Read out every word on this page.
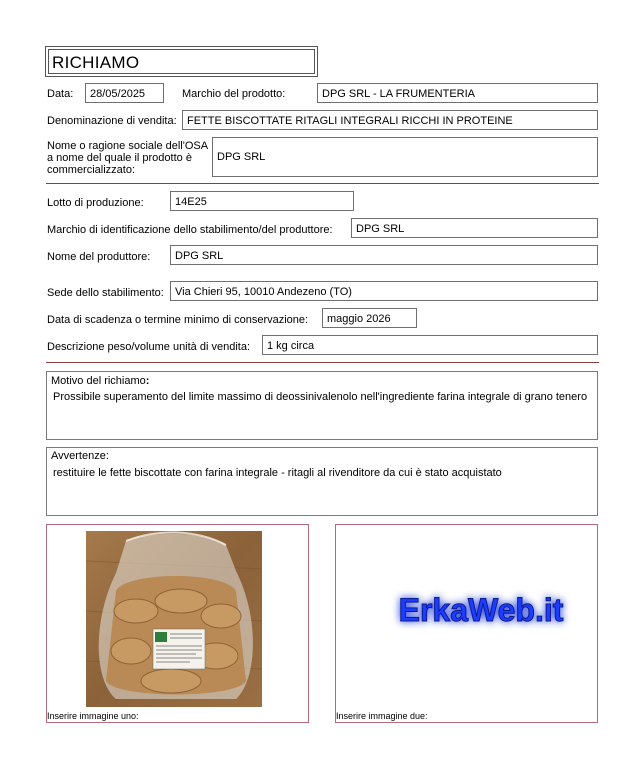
RICHIAMO
Data: 28/05/2025	Marchio del prodotto:	DPG SRL - LA FRUMENTERIA
Denominazione di vendita: FETTE BISCOTTATE RITAGLI INTEGRALI RICCHI IN PROTEINE
Nome o ragione sociale dell'OSA
a nome del quale il prodotto è
commercializzato:
DPG SRL
Lotto di produzione:	14E25
Marchio di identificazione dello stabilimento/del produttore: DPG SRL
Nome del produttore: DPG SRL
Sede dello stabilimento: Via Chieri 95, 10010 Andezeno (TO)
Data di scadenza o termine minimo di conservazione: maggio 2026
Descrizione peso/volume unità di vendita: 1 kg circa
Motivo del richiamo:
Prossibile superamento del limite massimo di deossinivalenolo nell'ingrediente farina integrale di grano tenero
Avvertenze:
restituire le fette biscottate con farina integrale - ritagli al rivenditore da cui è stato acquistato
Inserire immagine uno:
ErkaWeb.it
Inserire immagine due:
